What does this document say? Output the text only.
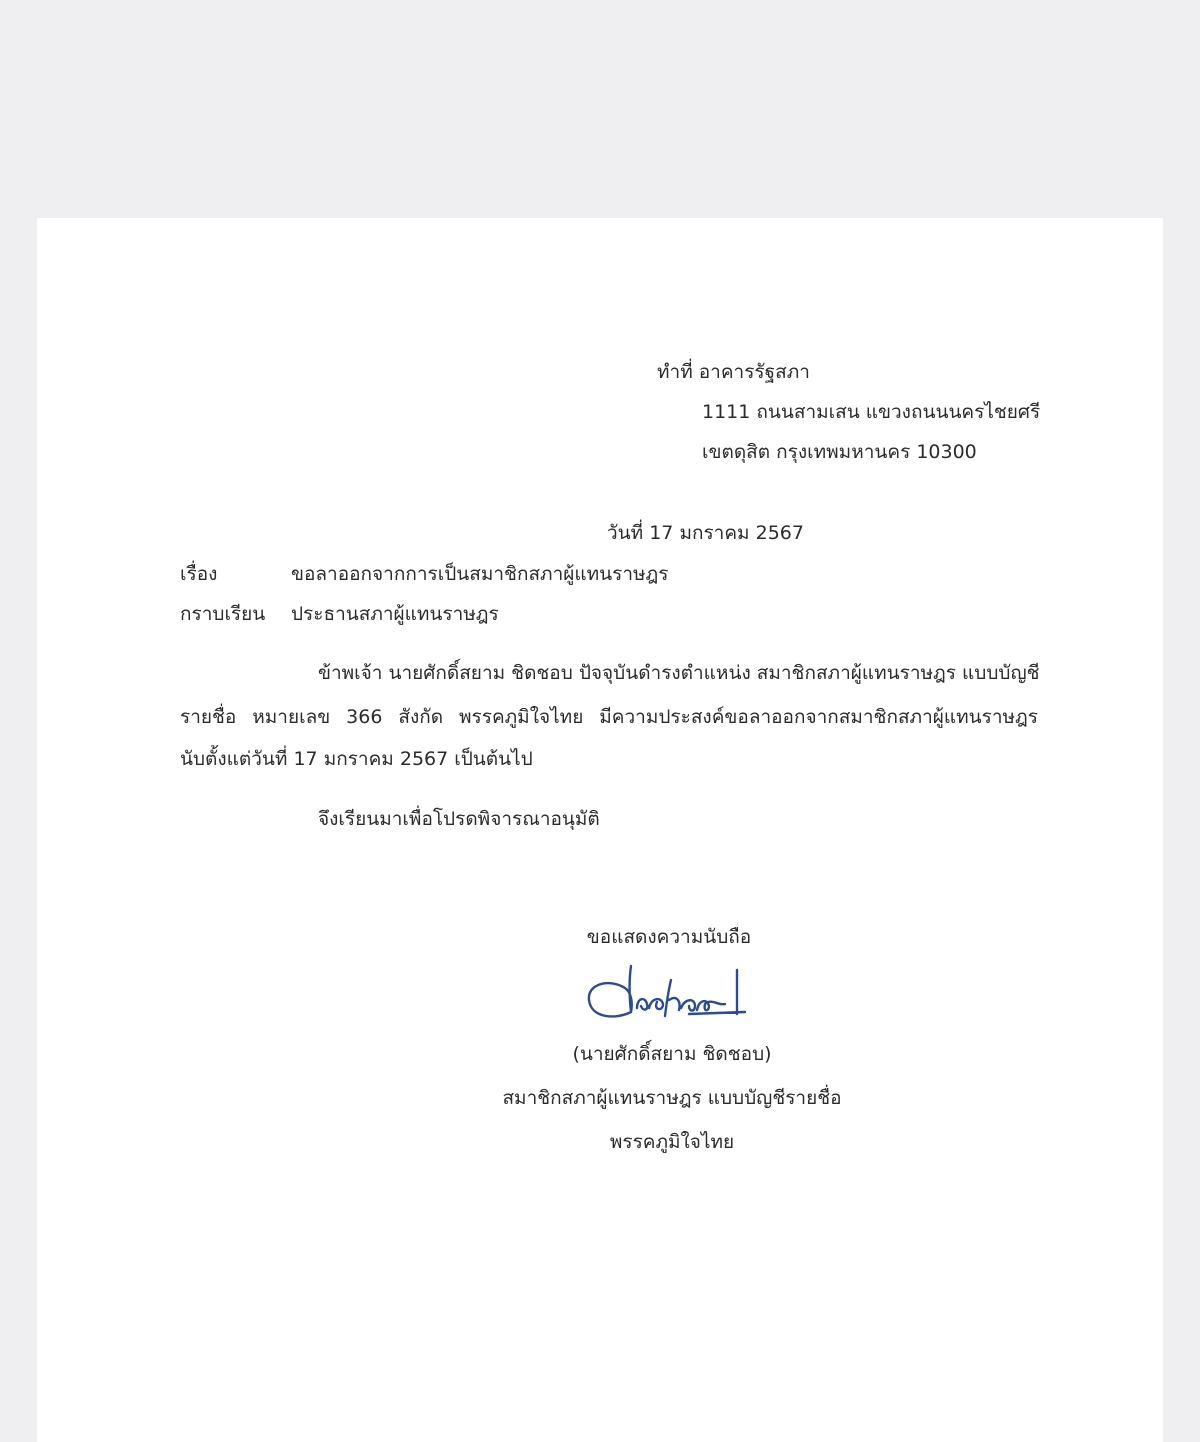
ทำที่ อาคารรัฐสภา
1111 ถนนสามเสน แขวงถนนนครไชยศรี
เขตดุสิต กรุงเทพมหานคร 10300
วันที่ 17 มกราคม 2567
เรื่อง	ขอลาออกจากการเป็นสมาชิกสภาผู้แทนราษฎร
กราบเรียน ประธานสภาผู้แทนราษฎร
ข้าพเจ้า นายศักดิ์สยาม ชิดชอบ ปัจจุบันดำรงตำแหน่ง สมาชิกสภาผู้แทนราษฎร แบบบัญชี
รายชื่อ หมายเลข 366 สังกัด พรรคภูมิใจไทย มีความประสงค์ขอลาออกจากสมาชิกสภาผู้แทนราษฎร
นับตั้งแต่วันที่ 17 มกราคม 2567 เป็นต้นไป
จึงเรียนมาเพื่อโปรดพิจารณาอนุมัติ
ขอแสดงความนับถือ
(นายศักดิ์สยาม ชิดชอบ)
สมาชิกสภาผู้แทนราษฎร แบบบัญชีรายชื่อ
พรรคภูมิใจไทย
